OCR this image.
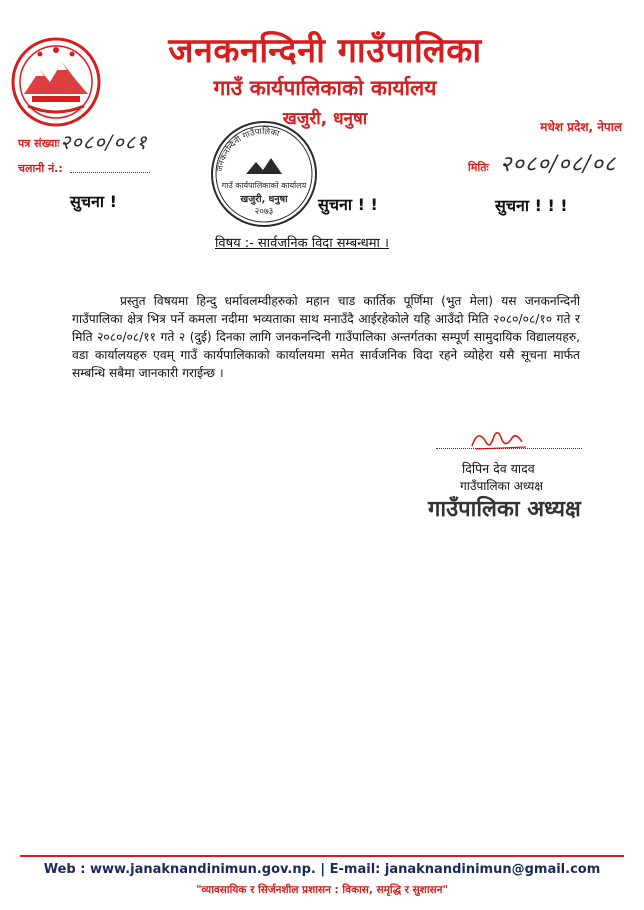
जनकनन्दिनी गाउँपालिका
गाउँ कार्यपालिकाको कार्यालय
खजुरी, धनुषा	मधेश प्रदेश, नेपाल
पत्र संख्याः २०८०/०८१
चलानी नं.:	मितिः २०८०/०८/०८
जनकनन्दिनी गाउँपालिका
गाउँ कार्यपालिकाको कार्यालय
खजुरी, धनुषा
२०७३
सुचना !	सुचना ! !	सुचना ! ! !
विषय :- सार्वजनिक विदा सम्बन्धमा ।
प्रस्तुत विषयमा हिन्दु धर्मावलम्वीहरुको महान चाड कार्तिक पूर्णिमा (भुत मेला) यस जनकनन्दिनी गाउँपालिका क्षेत्र भित्र पर्ने कमला नदीमा भव्यताका साथ मनाउँदै आईरहेकोले यहि आउँदो मिति २०८०/०८/१० गते र मिति २०८०/०८/११ गते २ (दुई) दिनका लागि जनकनन्दिनी गाउँपालिका अन्तर्गतका सम्पूर्ण सामुदायिक विद्यालयहरु, वडा कार्यालयहरु एवम् गाउँ कार्यपालिकाको कार्यालयमा समेत सार्वजनिक विदा रहने व्योहेरा यसै सूचना मार्फत सम्बन्धि सबैमा जानकारी गराईन्छ ।
दिपिन देव यादव
गाउँपालिका अध्यक्ष
गाउँपालिका अध्यक्ष
Web : www.janaknandinimun.gov.np. | E-mail: janaknandinimun@gmail.com
"व्यावसायिक र सिर्जनशील प्रशासन : विकास, समृद्धि र सुशासन"
